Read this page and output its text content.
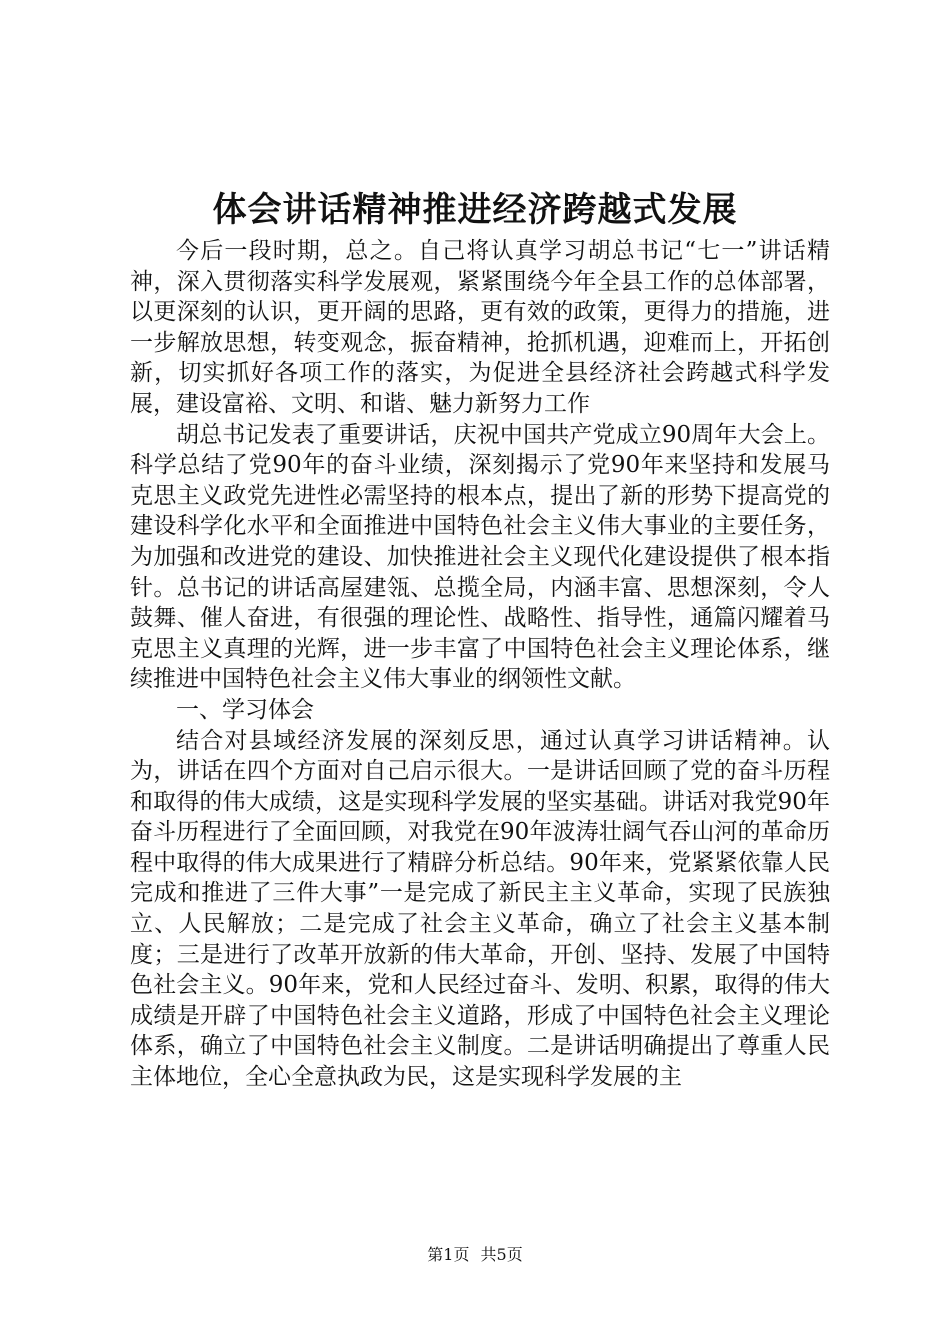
体会讲话精神推进经济跨越式发展

今后一段时期，总之。自己将认真学习胡总书记“七一”讲话精神，深入贯彻落实科学发展观，紧紧围绕今年全县工作的总体部署，以更深刻的认识，更开阔的思路，更有效的政策，更得力的措施，进一步解放思想，转变观念，振奋精神，抢抓机遇，迎难而上，开拓创新，切实抓好各项工作的落实，为促进全县经济社会跨越式科学发展，建设富裕、文明、和谐、魅力新努力工作

胡总书记发表了重要讲话，庆祝中国共产党成立90周年大会上。科学总结了党90年的奋斗业绩，深刻揭示了党90年来坚持和发展马克思主义政党先进性必需坚持的根本点，提出了新的形势下提高党的建设科学化水平和全面推进中国特色社会主义伟大事业的主要任务，为加强和改进党的建设、加快推进社会主义现代化建设提供了根本指针。总书记的讲话高屋建瓴、总揽全局，内涵丰富、思想深刻，令人鼓舞、催人奋进，有很强的理论性、战略性、指导性，通篇闪耀着马克思主义真理的光辉，进一步丰富了中国特色社会主义理论体系，继续推进中国特色社会主义伟大事业的纲领性文献。

一、学习体会

结合对县域经济发展的深刻反思，通过认真学习讲话精神。认为，讲话在四个方面对自己启示很大。一是讲话回顾了党的奋斗历程和取得的伟大成绩，这是实现科学发展的坚实基础。讲话对我党90年奋斗历程进行了全面回顾，对我党在90年波涛壮阔气吞山河的革命历程中取得的伟大成果进行了精辟分析总结。90年来，党紧紧依靠人民完成和推进了三件大事”一是完成了新民主主义革命，实现了民族独立、人民解放；二是完成了社会主义革命，确立了社会主义基本制度；三是进行了改革开放新的伟大革命，开创、坚持、发展了中国特色社会主义。90年来，党和人民经过奋斗、发明、积累，取得的伟大成绩是开辟了中国特色社会主义道路，形成了中国特色社会主义理论体系，确立了中国特色社会主义制度。二是讲话明确提出了尊重人民主体地位，全心全意执政为民，这是实现科学发展的主

第1页 共5页
